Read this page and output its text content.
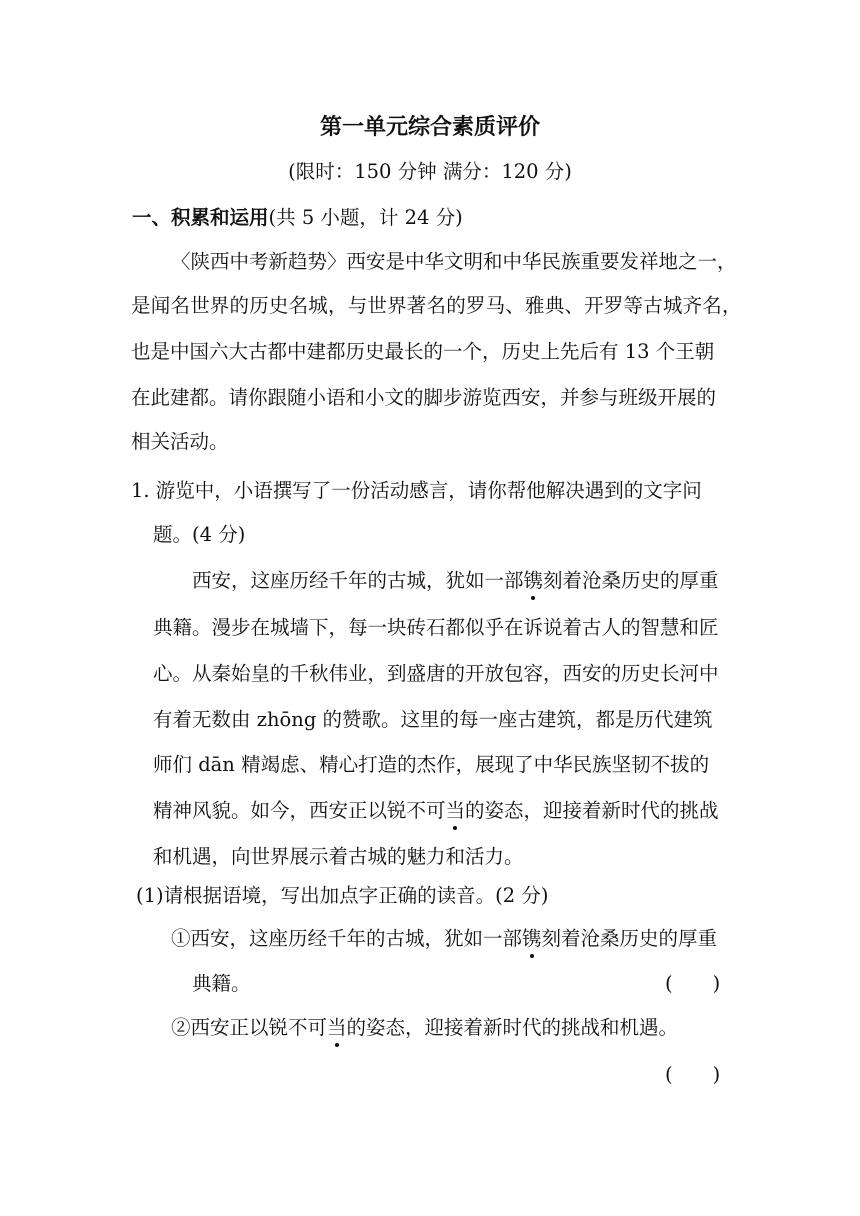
第一单元综合素质评价
(限时：150 分钟 满分：120 分)
一、积累和运用(共 5 小题，计 24 分)
〈陕西中考新趋势〉西安是中华文明和中华民族重要发祥地之一，
是闻名世界的历史名城，与世界著名的罗马、雅典、开罗等古城齐名，
也是中国六大古都中建都历史最长的一个，历史上先后有 13 个王朝
在此建都。请你跟随小语和小文的脚步游览西安，并参与班级开展的
相关活动。
1. 游览中，小语撰写了一份活动感言，请你帮他解决遇到的文字问
题。(4 分)
西安，这座历经千年的古城，犹如一部镌刻着沧桑历史的厚重
典籍。漫步在城墙下，每一块砖石都似乎在诉说着古人的智慧和匠
心。从秦始皇的千秋伟业，到盛唐的开放包容，西安的历史长河中
有着无数由 zhōng 的赞歌。这里的每一座古建筑，都是历代建筑
师们 dān 精竭虑、精心打造的杰作，展现了中华民族坚韧不拔的
精神风貌。如今，西安正以锐不可当的姿态，迎接着新时代的挑战
和机遇，向世界展示着古城的魅力和活力。
(1)请根据语境，写出加点字正确的读音。(2 分)
①西安，这座历经千年的古城，犹如一部镌刻着沧桑历史的厚重
典籍。	( )
②西安正以锐不可当的姿态，迎接着新时代的挑战和机遇。
( )
